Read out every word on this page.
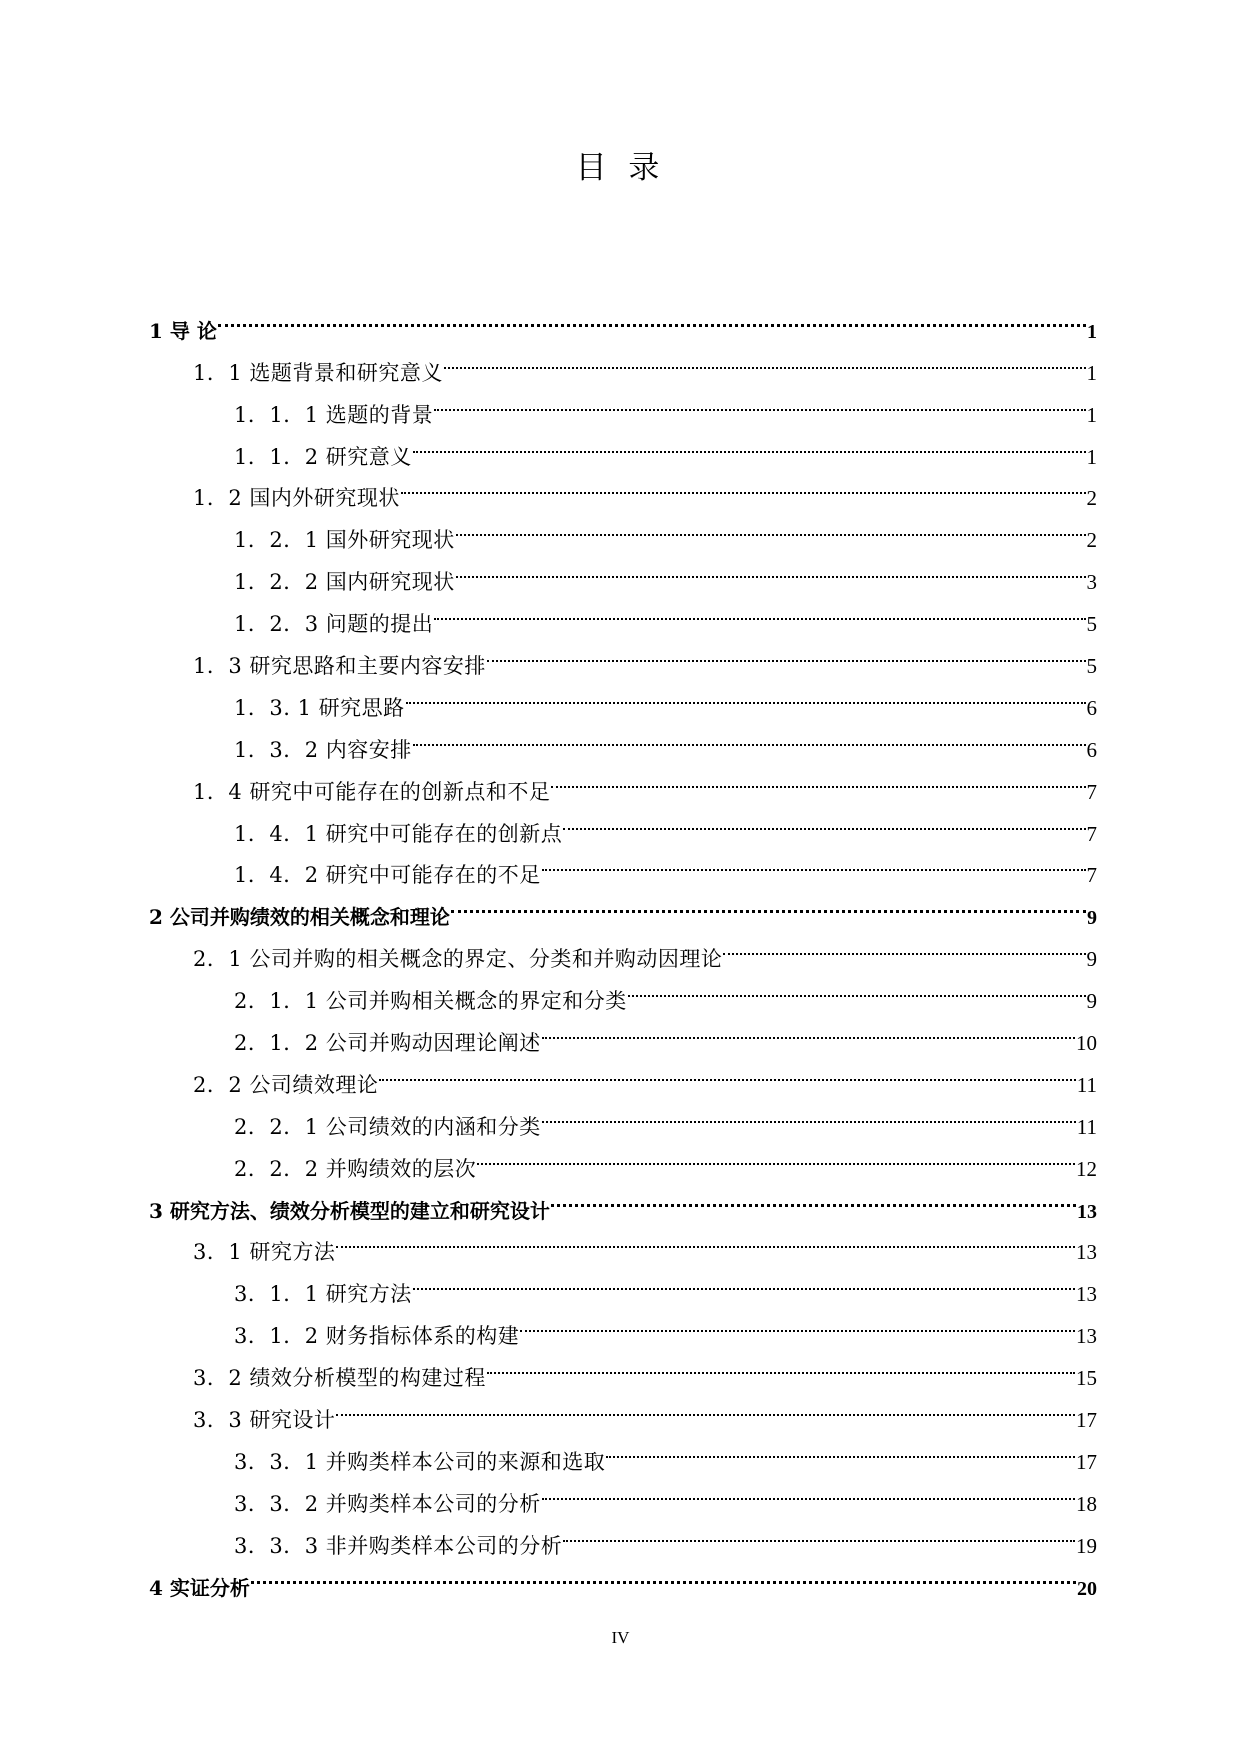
目 录
1 导 论	1
1．1 选题背景和研究意义	1
1．1．1 选题的背景	1
1．1．2 研究意义	1
1．2 国内外研究现状	2
1．2．1 国外研究现状	2
1．2．2 国内研究现状	3
1．2．3 问题的提出	5
1．3 研究思路和主要内容安排	5
1．3. 1 研究思路	6
1．3．2 内容安排	6
1．4 研究中可能存在的创新点和不足	7
1．4．1 研究中可能存在的创新点	7
1．4．2 研究中可能存在的不足	7
2 公司并购绩效的相关概念和理论	9
2．1 公司并购的相关概念的界定、分类和并购动因理论	9
2．1．1 公司并购相关概念的界定和分类	9
2．1．2 公司并购动因理论阐述	10
2．2 公司绩效理论	11
2．2．1 公司绩效的内涵和分类	11
2．2．2 并购绩效的层次	12
3 研究方法、绩效分析模型的建立和研究设计	13
3．1 研究方法	13
3．1．1 研究方法	13
3．1．2 财务指标体系的构建	13
3．2 绩效分析模型的构建过程	15
3．3 研究设计	17
3．3．1 并购类样本公司的来源和选取	17
3．3．2 并购类样本公司的分析	18
3．3．3 非并购类样本公司的分析	19
4 实证分析	20
IV
